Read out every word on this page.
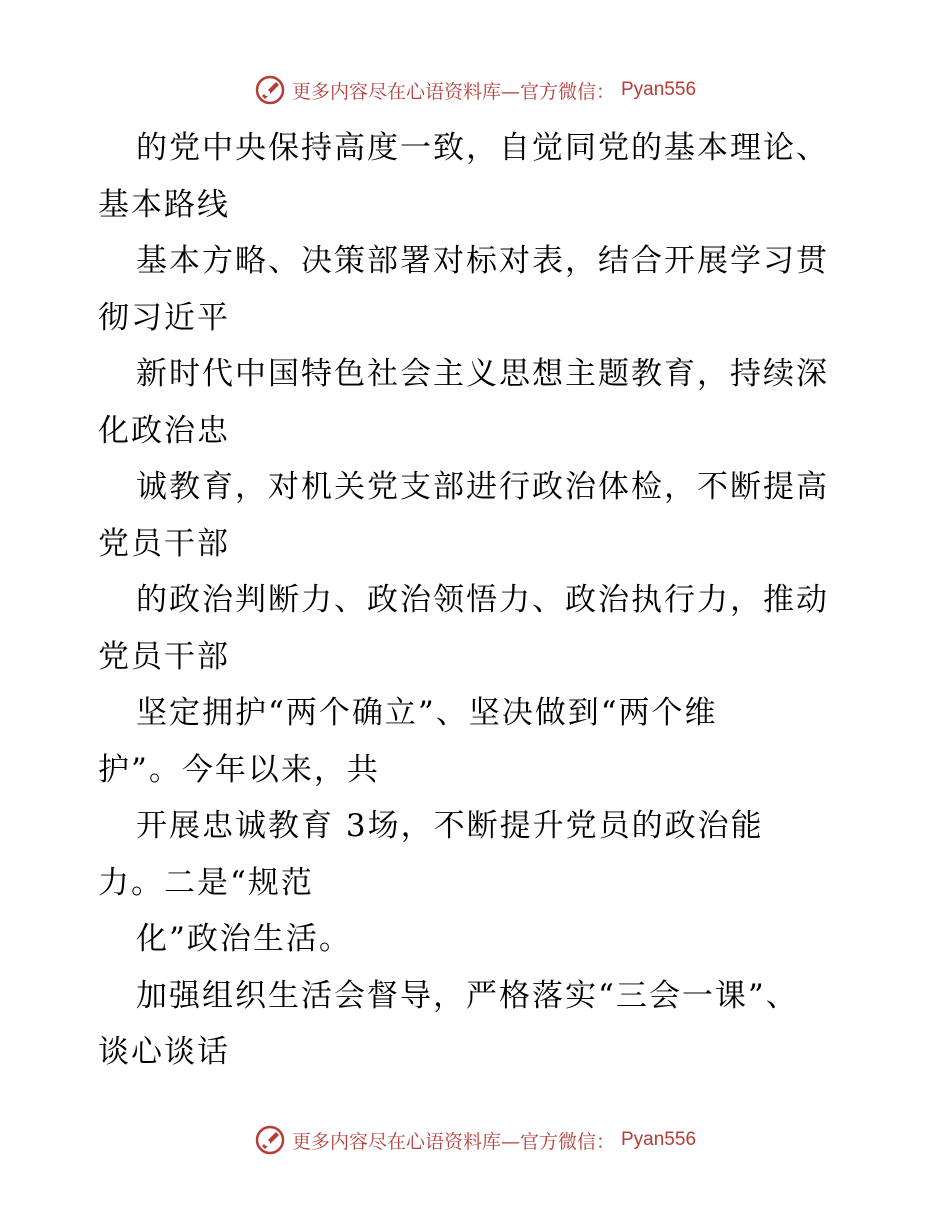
更多内容尽在心语资料库—官方微信： Pyan556
的党中央保持高度一致，自觉同党的基本理论、
基本路线
基本方略、决策部署对标对表，结合开展学习贯
彻习近平
新时代中国特色社会主义思想主题教育，持续深
化政治忠
诚教育，对机关党支部进行政治体检，不断提高
党员干部
的政治判断力、政治领悟力、政治执行力，推动
党员干部
坚定拥护“两个确立”、坚决做到“两个维
护”。今年以来，共
开展忠诚教育 3场，不断提升党员的政治能
力。二是“规范
化”政治生活。
加强组织生活会督导，严格落实“三会一课”、
谈心谈话
更多内容尽在心语资料库—官方微信： Pyan556
